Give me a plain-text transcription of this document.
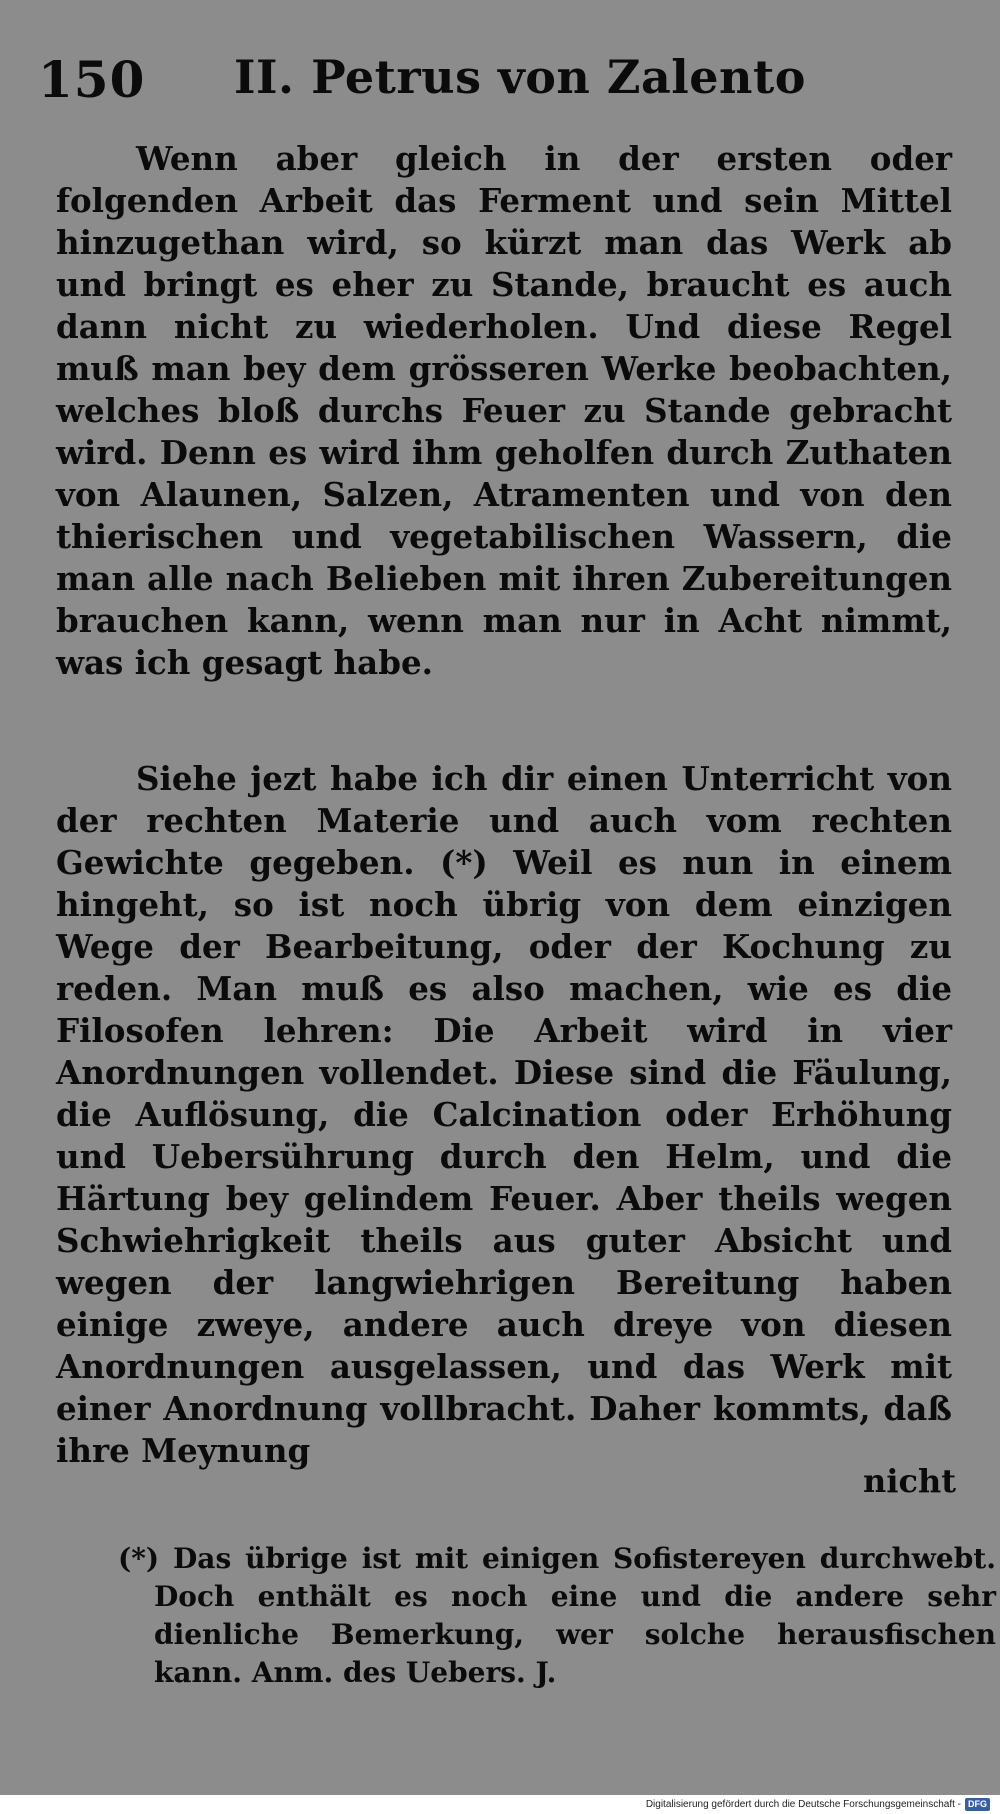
150 II. Petrus von Zalento

Wenn aber gleich in der ersten oder folgenden Arbeit das Ferment und sein Mittel hinzugethan wird, so kürzt man das Werk ab und bringt es eher zu Stande, braucht es auch dann nicht zu wiederholen. Und diese Regel muß man bey dem grösseren Werke beobachten, welches bloß durchs Feuer zu Stande gebracht wird. Denn es wird ihm geholfen durch Zuthaten von Alaunen, Salzen, Atramenten und von den thierischen und vegetabilischen Wassern, die man alle nach Belieben mit ihren Zubereitungen brauchen kann, wenn man nur in Acht nimmt, was ich gesagt habe.

Siehe jezt habe ich dir einen Unterricht von der rechten Materie und auch vom rechten Gewichte gegeben. (*) Weil es nun in einem hingeht, so ist noch übrig von dem einzigen Wege der Bearbeitung, oder der Kochung zu reden. Man muß es also machen, wie es die Filosofen lehren: Die Arbeit wird in vier Anordnungen vollendet. Diese sind die Fäulung, die Auflösung, die Calcination oder Erhöhung und Uebersührung durch den Helm, und die Härtung bey gelindem Feuer. Aber theils wegen Schwiehrigkeit theils aus guter Absicht und wegen der langwiehrigen Bereitung haben einige zweye, andere auch dreye von diesen Anordnungen ausgelassen, und das Werk mit einer Anordnung vollbracht. Daher kommts, daß ihre Meynung

nicht

(*) Das übrige ist mit einigen Sofistereyen durchwebt. Doch enthält es noch eine und die andere sehr dienliche Bemerkung, wer solche herausfischen kann. Anm. des Uebers. J.

Digitalisierung gefördert durch die Deutsche Forschungsgemeinschaft - DFG
